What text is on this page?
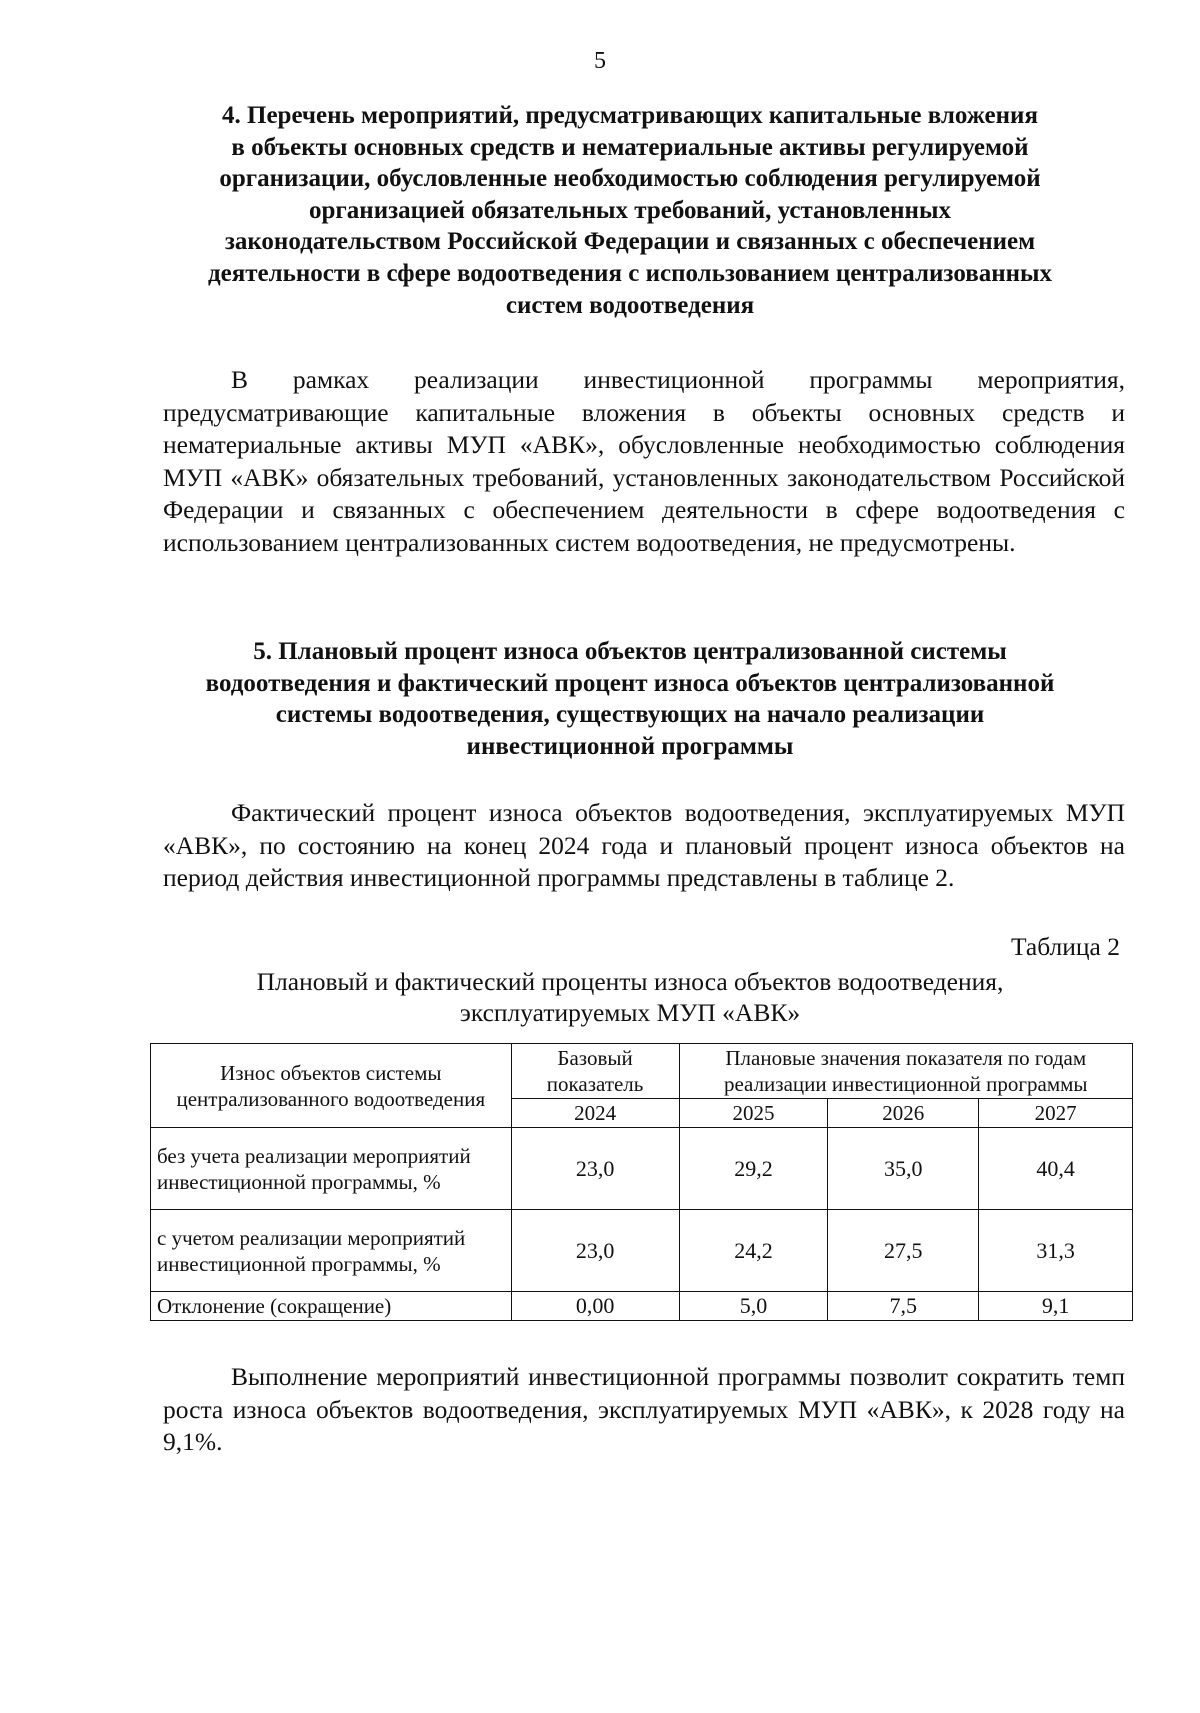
5
4. Перечень мероприятий, предусматривающих капитальные вложения
в объекты основных средств и нематериальные активы регулируемой
организации, обусловленные необходимостью соблюдения регулируемой
организацией обязательных требований, установленных
законодательством Российской Федерации и связанных с обеспечением
деятельности в сфере водоотведения с использованием централизованных
систем водоотведения
В рамках реализации инвестиционной программы мероприятия, предусматривающие капитальные вложения в объекты основных средств и нематериальные активы МУП «АВК», обусловленные необходимостью соблюдения МУП «АВК» обязательных требований, установленных законодательством Российской Федерации и связанных с обеспечением деятельности в сфере водоотведения с использованием централизованных систем водоотведения, не предусмотрены.
5. Плановый процент износа объектов централизованной системы
водоотведения и фактический процент износа объектов централизованной
системы водоотведения, существующих на начало реализации
инвестиционной программы
Фактический процент износа объектов водоотведения, эксплуатируемых МУП «АВК», по состоянию на конец 2024 года и плановый процент износа объектов на период действия инвестиционной программы представлены в таблице 2.
Таблица 2
Плановый и фактический проценты износа объектов водоотведения,
эксплуатируемых МУП «АВК»
Износ объектов системы централизованного водоотведения	Базовый показатель	Плановые значения показателя по годам реализации инвестиционной программы		
	2024	2025	2026	2027
без учета реализации мероприятий инвестиционной программы, %	23,0	29,2	35,0	40,4
с учетом реализации мероприятий инвестиционной программы, %	23,0	24,2	27,5	31,3
Отклонение (сокращение)	0,00	5,0	7,5	9,1
Выполнение мероприятий инвестиционной программы позволит сократить темп роста износа объектов водоотведения, эксплуатируемых МУП «АВК», к 2028 году на 9,1%.
